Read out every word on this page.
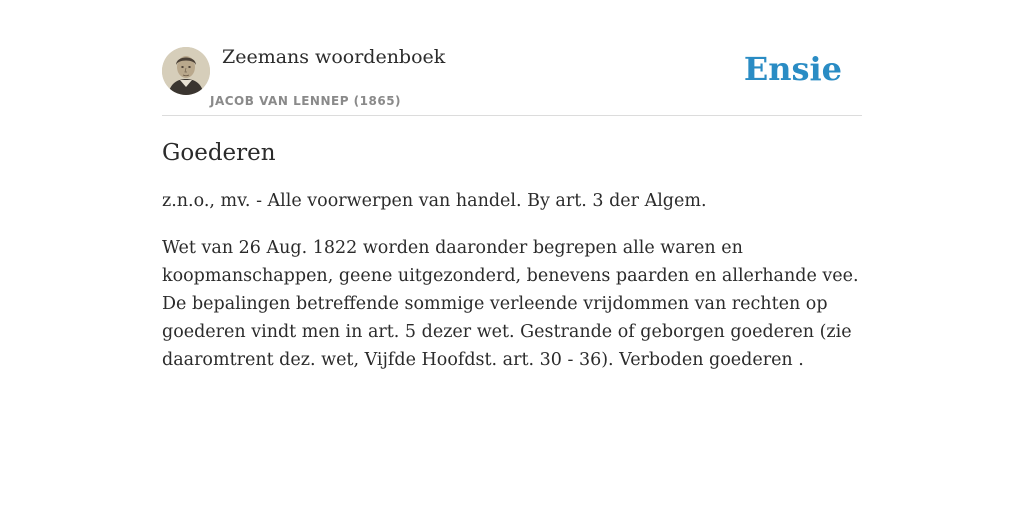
Zeemans woordenboek
JACOB VAN LENNEP (1865)
Ensie
Goederen

z.n.o., mv. - Alle voorwerpen van handel. By art. 3 der Algem.

Wet van 26 Aug. 1822 worden daaronder begrepen alle waren en koopmanschappen, geene uitgezonderd, benevens paarden en allerhande vee. De bepalingen betreffende sommige verleende vrijdommen van rechten op goederen vindt men in art. 5 dezer wet. Gestrande of geborgen goederen (zie daaromtrent dez. wet, Vijfde Hoofdst. art. 30 - 36). Verboden goederen .
